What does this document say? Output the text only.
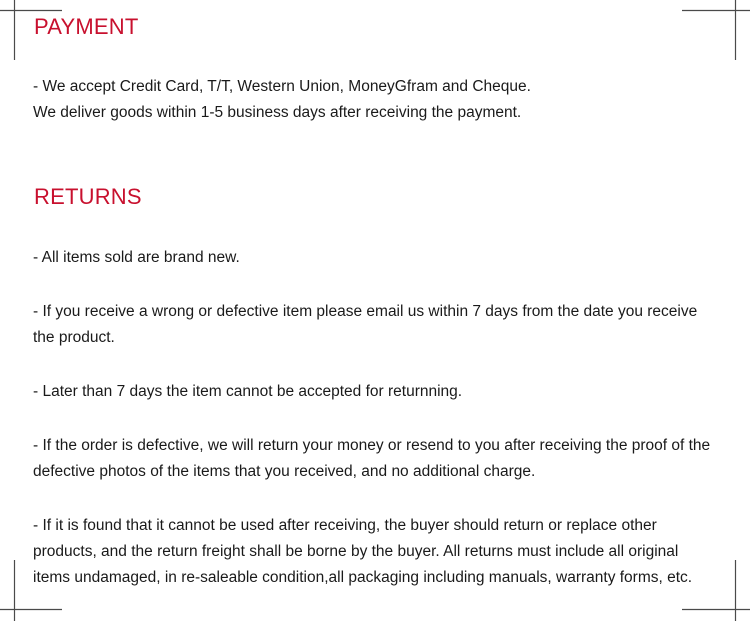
PAYMENT

- We accept Credit Card, T/T, Western Union, MoneyGfram and Cheque.
We deliver goods within 1-5 business days after receiving the payment.

RETURNS

- All items sold are brand new.

- If you receive a wrong or defective item please email us within 7 days from the date you receive
the product.

- Later than 7 days the item cannot be accepted for returnning.

- If the order is defective, we will return your money or resend to you after receiving the proof of the
defective photos of the items that you received, and no additional charge.

- If it is found that it cannot be used after receiving, the buyer should return or replace other
products, and the return freight shall be borne by the buyer. All returns must include all original
items undamaged, in re-saleable condition,all packaging including manuals, warranty forms, etc.
